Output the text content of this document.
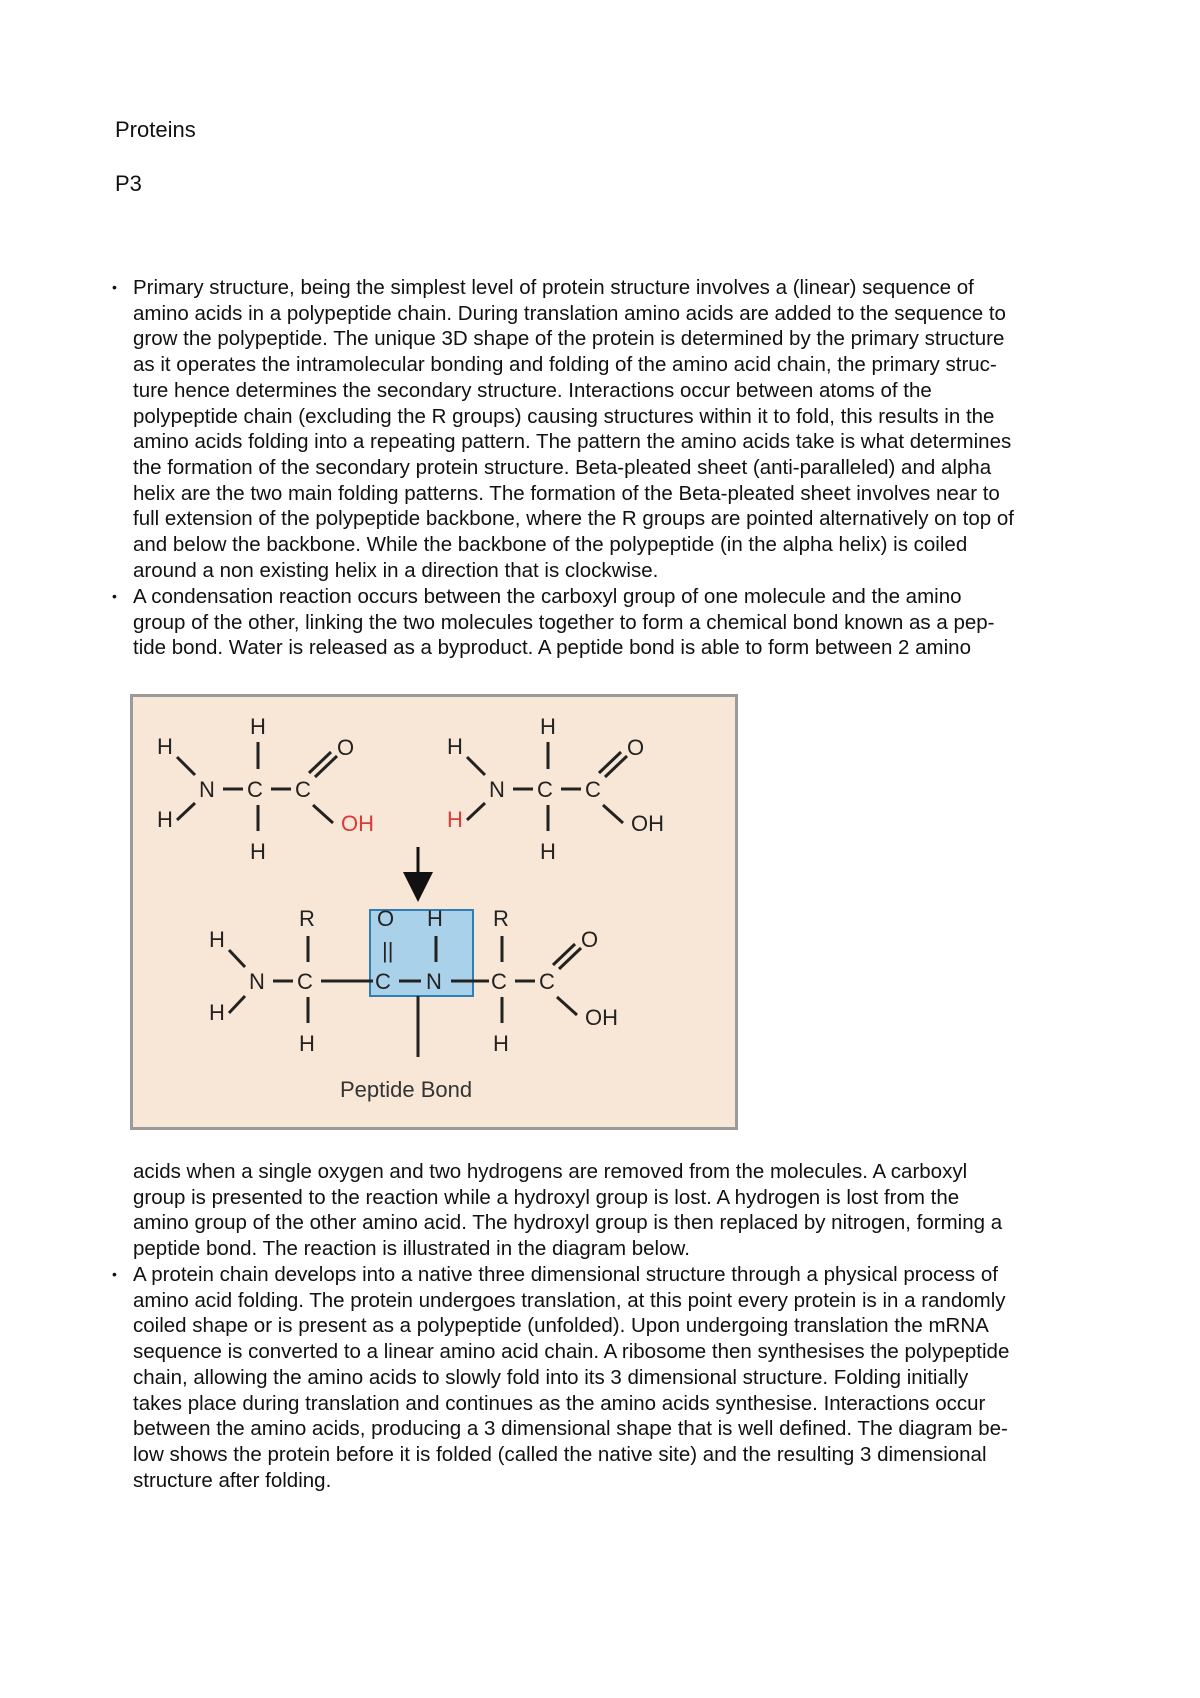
Proteins
P3
• Primary structure, being the simplest level of protein structure involves a (linear) sequence of
amino acids in a polypeptide chain. During translation amino acids are added to the sequence to
grow the polypeptide. The unique 3D shape of the protein is determined by the primary structure
as it operates the intramolecular bonding and folding of the amino acid chain, the primary struc-
ture hence determines the secondary structure. Interactions occur between atoms of the
polypeptide chain (excluding the R groups) causing structures within it to fold, this results in the
amino acids folding into a repeating pattern. The pattern the amino acids take is what determines
the formation of the secondary protein structure. Beta-pleated sheet (anti-paralleled) and alpha
helix are the two main folding patterns. The formation of the Beta-pleated sheet involves near to
full extension of the polypeptide backbone, where the R groups are pointed alternatively on top of
and below the backbone. While the backbone of the polypeptide (in the alpha helix) is coiled
around a non existing helix in a direction that is clockwise.

• A condensation reaction occurs between the carboxyl group of one molecule and the amino
group of the other, linking the two molecules together to form a chemical bond known as a pep-
tide bond. Water is released as a byproduct. A peptide bond is able to form between 2 amino

H
H
N C C
H
H
O
OH
H
H
N C C
H
H
O
OH
H
H
N C
R
H
C
O
||
N
H
C
R
H
C
O
OH
Peptide Bond

acids when a single oxygen and two hydrogens are removed from the molecules. A carboxyl
group is presented to the reaction while a hydroxyl group is lost. A hydrogen is lost from the
amino group of the other amino acid. The hydroxyl group is then replaced by nitrogen, forming a
peptide bond. The reaction is illustrated in the diagram below.

• A protein chain develops into a native three dimensional structure through a physical process of
amino acid folding. The protein undergoes translation, at this point every protein is in a randomly
coiled shape or is present as a polypeptide (unfolded). Upon undergoing translation the mRNA
sequence is converted to a linear amino acid chain. A ribosome then synthesises the polypeptide
chain, allowing the amino acids to slowly fold into its 3 dimensional structure. Folding initially
takes place during translation and continues as the amino acids synthesise. Interactions occur
between the amino acids, producing a 3 dimensional shape that is well defined. The diagram be-
low shows the protein before it is folded (called the native site) and the resulting 3 dimensional
structure after folding.
